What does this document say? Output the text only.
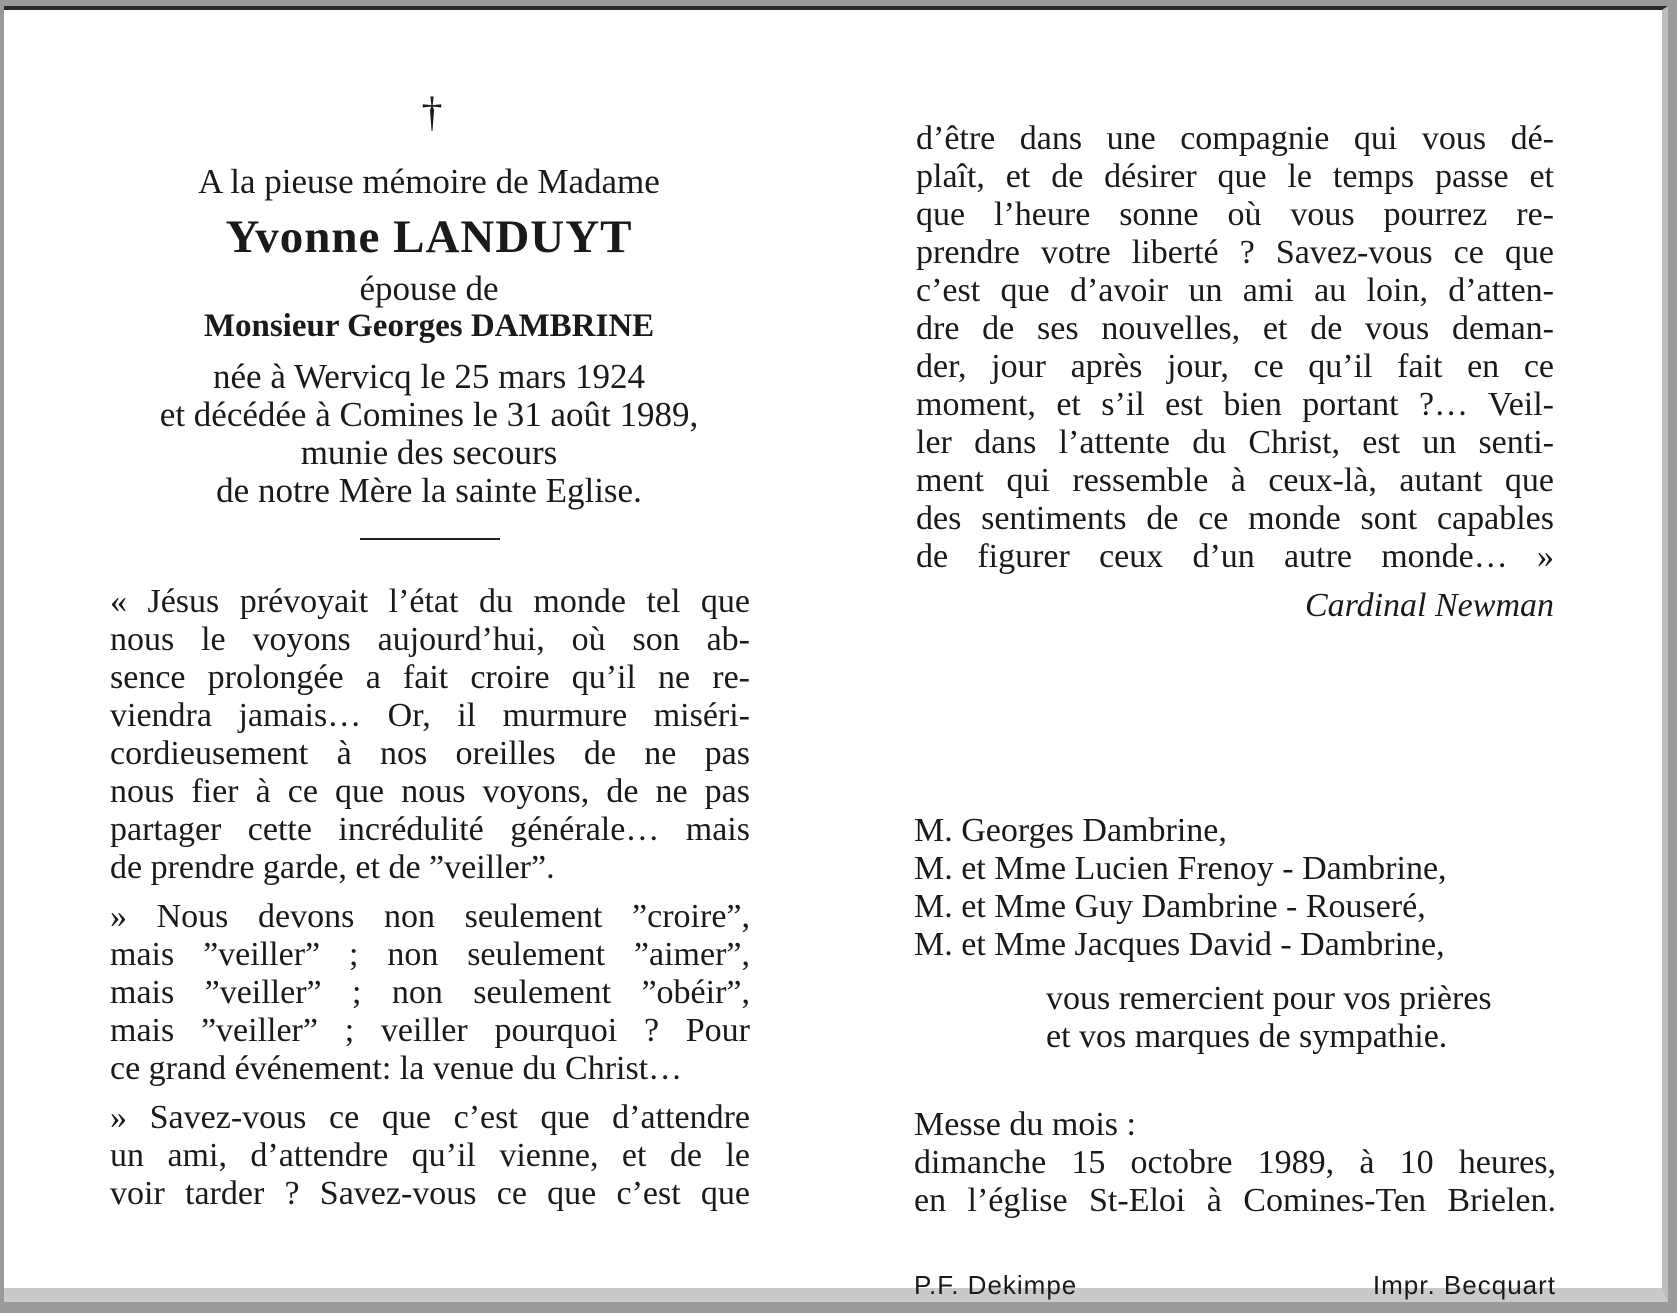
†
A la pieuse mémoire de Madame
Yvonne LANDUYT
épouse de
Monsieur Georges DAMBRINE
née à Wervicq le 25 mars 1924
et décédée à Comines le 31 août 1989,
munie des secours
de notre Mère la sainte Eglise.
« Jésus prévoyait l’état du monde tel que
nous le voyons aujourd’hui, où son ab-
sence prolongée a fait croire qu’il ne re-
viendra jamais… Or, il murmure miséri-
cordieusement à nos oreilles de ne pas
nous fier à ce que nous voyons, de ne pas
partager cette incrédulité générale… mais
de prendre garde, et de ”veiller”.
» Nous devons non seulement ”croire”,
mais ”veiller” ; non seulement ”aimer”,
mais ”veiller” ; non seulement ”obéir”,
mais ”veiller” ; veiller pourquoi ? Pour
ce grand événement: la venue du Christ…
» Savez-vous ce que c’est que d’attendre
un ami, d’attendre qu’il vienne, et de le
voir tarder ? Savez-vous ce que c’est que
d’être dans une compagnie qui vous dé-
plaît, et de désirer que le temps passe et
que l’heure sonne où vous pourrez re-
prendre votre liberté ? Savez-vous ce que
c’est que d’avoir un ami au loin, d’atten-
dre de ses nouvelles, et de vous deman-
der, jour après jour, ce qu’il fait en ce
moment, et s’il est bien portant ?… Veil-
ler dans l’attente du Christ, est un senti-
ment qui ressemble à ceux-là, autant que
des sentiments de ce monde sont capables
de figurer ceux d’un autre monde… »
Cardinal Newman
M. Georges Dambrine,
M. et Mme Lucien Frenoy - Dambrine,
M. et Mme Guy Dambrine - Rouseré,
M. et Mme Jacques David - Dambrine,
vous remercient pour vos prières
et vos marques de sympathie.
Messe du mois :
dimanche 15 octobre 1989, à 10 heures,
en l’église St-Eloi à Comines-Ten Brielen.
P.F. Dekimpe	Impr. Becquart
